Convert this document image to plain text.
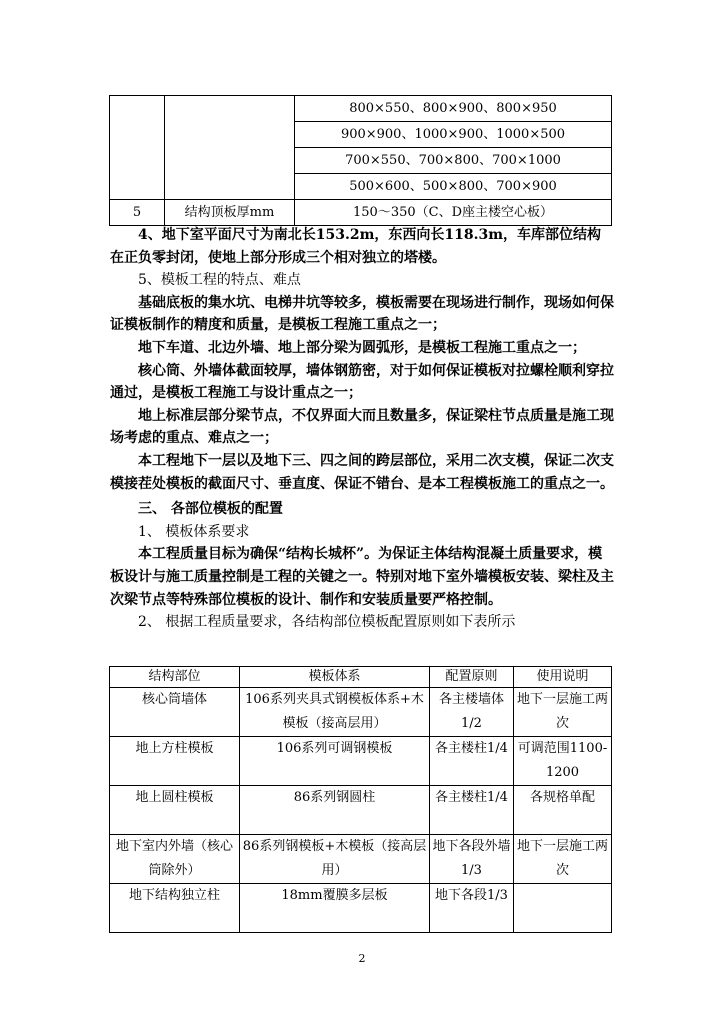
		800×550、800×900、800×950
		900×900、1000×900、1000×500
		700×550、700×800、700×1000
		500×600、500×800、700×900
5	结构顶板厚mm	150～350（C、D座主楼空心板）

4、地下室平面尺寸为南北长153.2m，东西向长118.3m，车库部位结构在正负零封闭，使地上部分形成三个相对独立的塔楼。

5、模板工程的特点、难点

基础底板的集水坑、电梯井坑等较多，模板需要在现场进行制作，现场如何保证模板制作的精度和质量，是模板工程施工重点之一；

地下车道、北边外墙、地上部分梁为圆弧形，是模板工程施工重点之一；

核心筒、外墙体截面较厚，墙体钢筋密，对于如何保证模板对拉螺栓顺利穿拉通过，是模板工程施工与设计重点之一；

地上标准层部分梁节点，不仅界面大而且数量多，保证梁柱节点质量是施工现场考虑的重点、难点之一；

本工程地下一层以及地下三、四之间的跨层部位，采用二次支模，保证二次支模接茬处模板的截面尺寸、垂直度、保证不错台、是本工程模板施工的重点之一。

三、 各部位模板的配置

1、 模板体系要求

本工程质量目标为确保“结构长城杯”。为保证主体结构混凝土质量要求，模板设计与施工质量控制是工程的关键之一。特别对地下室外墙模板安装、梁柱及主次梁节点等特殊部位模板的设计、制作和安装质量要严格控制。

2、 根据工程质量要求，各结构部位模板配置原则如下表所示

结构部位	模板体系	配置原则	使用说明
核心筒墙体	106系列夹具式钢模板体系+木模板（接高层用）	各主楼墙体1/2	地下一层施工两次
地上方柱模板	106系列可调钢模板	各主楼柱1/4	可调范围1100-1200
地上圆柱模板	86系列钢圆柱	各主楼柱1/4	各规格单配
地下室内外墙（核心筒除外）	86系列钢模板+木模板（接高层用）	地下各段外墙1/3	地下一层施工两次
地下结构独立柱	18mm覆膜多层板	地下各段1/3	
2
